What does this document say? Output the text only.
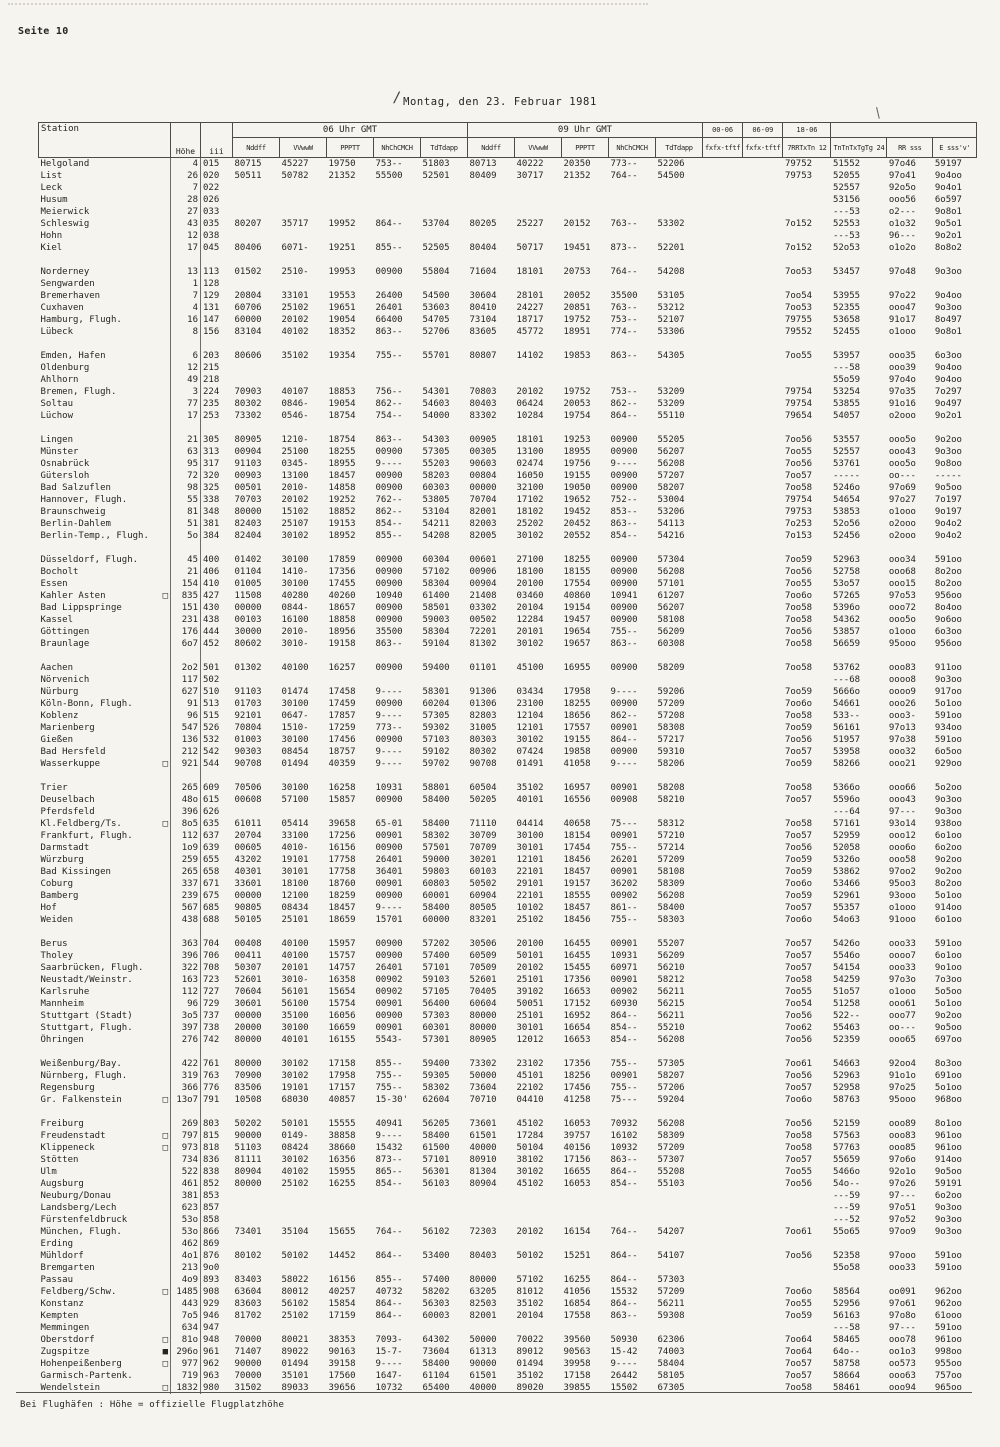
Seite 10
/ Montag, den 23. Februar 1981
\
Station		Höhe	iii	06 Uhr GMT					09 Uhr GMT					00-06	06-09	18-06			
				Nddff	VVwwW	PPPTT	NhChCMCH	TdTdapp	Nddff	VVwwW	PPPTT	NhChCMCH	TdTdapp	fxfx-tftf	fxfx-tftf	7RRTxTn 12	TnTnTxTgTg 24	RR sss	E sss'v'
Helgoland		4	015	80715	45227	19750	753--	51803	80713	40222	20350	773--	52206			79752	51552	97o46	59197
List		26	020	50511	50782	21352	55500	52501	80409	30717	21352	764--	54500			79753	52055	97o41	9o4oo
Leck		7	022														52557	92o5o	9o4o1
Husum		28	026														53156	ooo56	6o597
Meierwick		27	033														---53	o2---	9o8o1
Schleswig		43	035	80207	35717	19952	864--	53704	80205	25227	20152	763--	53302			7o152	52553	o1o32	9o5o1
Hohn		12	038														---53	96---	9o2o1
Kiel		17	045	80406	6071-	19251	855--	52505	80404	50717	19451	873--	52201			7o152	52o53	o1o2o	8o8o2

Norderney		13	113	01502	2510-	19953	00900	55804	71604	18101	20753	764--	54208			7oo53	53457	97o48	9o3oo
Sengwarden		1	128																
Bremerhaven		7	129	20804	33101	19553	26400	54500	30604	28101	20052	35500	53105			7oo54	53955	97o22	9o4oo
Cuxhaven		4	131	60706	25102	19651	26401	53603	80410	24227	20851	763--	53212			7oo53	52355	ooo47	9o3oo
Hamburg, Flugh.		16	147	60000	20102	19054	66400	54705	73104	18717	19752	753--	52107			79755	53658	91o17	8o497
Lübeck		8	156	83104	40102	18352	863--	52706	83605	45772	18951	774--	53306			79552	52455	o1ooo	9o8o1

Emden, Hafen		6	203	80606	35102	19354	755--	55701	80807	14102	19853	863--	54305			7oo55	53957	ooo35	6o3oo
Oldenburg		12	215														---58	ooo39	9o4oo
Ahlhorn		49	218														55o59	97o4o	9o4oo
Bremen, Flugh.		3	224	70903	40107	18853	756--	54301	70803	20102	19752	753--	53209			79754	53254	97o35	7o297
Soltau		77	235	80302	0846-	19054	862--	54603	80403	06424	20053	862--	53209			79754	53855	91o16	9o497
Lüchow		17	253	73302	0546-	18754	754--	54000	83302	10284	19754	864--	55110			79654	54057	o2ooo	9o2o1

Lingen		21	305	80905	1210-	18754	863--	54303	00905	18101	19253	00900	55205			7oo56	53557	ooo5o	9o2oo
Münster		63	313	00904	25100	18255	00900	57305	00305	13100	18955	00900	56207			7oo55	52557	ooo43	9o3oo
Osnabrück		95	317	91103	0345-	18955	9----	55203	90603	02474	19756	9----	56208			7oo56	53761	ooo5o	9o8oo
Gütersloh		72	320	00903	13100	18457	00900	58203	00804	16050	19155	00900	57207			7oo57	-----	oo---	-----
Bad Salzuflen		98	325	00501	2010-	14858	00900	60303	00000	32100	19050	00900	58207			7oo58	5246o	97o69	9o5oo
Hannover, Flugh.		55	338	70703	20102	19252	762--	53805	70704	17102	19652	752--	53004			79754	54654	97o27	7o197
Braunschweig		81	348	80000	15102	18852	862--	53104	82001	18102	19452	853--	53206			79753	53853	o1ooo	9o197
Berlin-Dahlem		51	381	82403	25107	19153	854--	54211	82003	25202	20452	863--	54113			7o253	52o56	o2ooo	9o4o2
Berlin-Temp., Flugh.		5o	384	82404	30102	18952	855--	54208	82005	30102	20552	854--	54216			7o153	52456	o2ooo	9o4o2

Düsseldorf, Flugh.		45	400	01402	30100	17859	00900	60304	00601	27100	18255	00900	57304			7oo59	52963	ooo34	591oo
Bocholt		21	406	01104	1410-	17356	00900	57102	00906	18100	18155	00900	56208			7oo56	52758	ooo68	8o2oo
Essen		154	410	01005	30100	17455	00900	58304	00904	20100	17554	00900	57101			7oo55	53o57	ooo15	8o2oo
Kahler Asten	□	835	427	11508	40280	40260	10940	61400	21408	03460	40860	10941	61207			7oo6o	57265	97o53	956oo
Bad Lippspringe		151	430	00000	0844-	18657	00900	58501	03302	20104	19154	00900	56207			7oo58	5396o	ooo72	8o4oo
Kassel		231	438	00103	16100	18858	00900	59003	00502	12284	19457	00900	58108			7oo58	54362	ooo5o	9o6oo
Göttingen		176	444	30000	2010-	18956	35500	58304	72201	20101	19654	755--	56209			7oo56	53857	o1ooo	6o3oo
Braunlage		6o7	452	80602	3010-	19158	863--	59104	81302	30102	19657	863--	60308			7oo58	56659	95ooo	956oo

Aachen		2o2	501	01302	40100	16257	00900	59400	01101	45100	16955	00900	58209			7oo58	53762	ooo83	911oo
Nörvenich		117	502														---68	oooo8	9o3oo
Nürburg		627	510	91103	01474	17458	9----	58301	91306	03434	17958	9----	59206			7oo59	5666o	oooo9	917oo
Köln-Bonn, Flugh.		91	513	01703	30100	17459	00900	60204	01306	23100	18255	00900	57209			7oo6o	54661	ooo26	5o1oo
Koblenz		96	515	92101	0647-	17857	9----	57305	82803	12104	18656	862--	57208			7oo58	533--	ooo3-	591oo
Marienberg		547	526	70804	1510-	17259	773--	59302	31005	12101	17557	00901	58308			7oo59	56161	97o13	934oo
Gießen		136	532	01003	30100	17456	00900	57103	80303	30102	19155	864--	57217			7oo56	51957	97o38	591oo
Bad Hersfeld		212	542	90303	08454	18757	9----	59102	80302	07424	19858	00900	59310			7oo57	53958	ooo32	6o5oo
Wasserkuppe	□	921	544	90708	01494	40359	9----	59702	90708	01491	41058	9----	58206			7oo59	58266	ooo21	929oo

Trier		265	609	70506	30100	16258	10931	58801	60504	35102	16957	00901	58208			7oo58	5366o	ooo66	5o2oo
Deuselbach		48o	615	00608	57100	15857	00900	58400	50205	40101	16556	00908	58210			7oo57	5596o	ooo43	9o3oo
Pferdsfeld		396	626														---64	97---	9o3oo
Kl.Feldberg/Ts.	□	8o5	635	61011	05414	39658	65-01	58400	71110	04414	40658	75---	58312			7oo58	57161	93o14	938oo
Frankfurt, Flugh.		112	637	20704	33100	17256	00901	58302	30709	30100	18154	00901	57210			7oo57	52959	ooo12	6o1oo
Darmstadt		1o9	639	00605	4010-	16156	00900	57501	70709	30101	17454	755--	57214			7oo56	52058	ooo6o	6o2oo
Würzburg		259	655	43202	19101	17758	26401	59000	30201	12101	18456	26201	57209			7oo59	5326o	ooo58	9o2oo
Bad Kissingen		265	658	40301	30101	17758	36401	59803	60103	22101	18457	00901	58108			7oo59	53862	97oo2	9o2oo
Coburg		337	671	33601	18100	18760	00901	60803	50502	29101	19157	36202	58309			7oo6o	53466	95oo3	8o2oo
Bamberg		239	675	00000	12100	18259	00900	60001	60904	22101	18555	00902	56208			7oo59	52961	93ooo	5o1oo
Hof		567	685	90805	08434	18457	9----	58400	80505	10102	18457	861--	58400			7oo57	55357	o1ooo	914oo
Weiden		438	688	50105	25101	18659	15701	60000	83201	25102	18456	755--	58303			7oo6o	54o63	91ooo	6o1oo

Berus		363	704	00408	40100	15957	00900	57202	30506	20100	16455	00901	55207			7oo57	5426o	ooo33	591oo
Tholey		396	706	00411	40100	15757	00900	57400	60509	50101	16455	10931	56209			7oo57	5546o	oooo7	6o1oo
Saarbrücken, Flugh.		322	708	50307	20101	14757	26401	57101	70509	20102	15455	60971	56210			7oo57	54154	ooo33	9o1oo
Neustadt/Weinstr.		163	723	52601	3010-	16358	00902	59103	52601	25101	17356	00901	58212			7oo58	54259	97o3o	7o3oo
Karlsruhe		112	727	70604	56101	15654	00902	57105	70405	39102	16653	00902	56211			7oo55	51o57	o1ooo	5o5oo
Mannheim		96	729	30601	56100	15754	00901	56400	60604	50051	17152	60930	56215			7oo54	51258	ooo61	5o1oo
Stuttgart (Stadt)		3o5	737	00000	35100	16056	00900	57303	80000	25101	16952	864--	56211			7oo56	522--	ooo77	9o2oo
Stuttgart, Flugh.		397	738	20000	30100	16659	00901	60301	80000	30101	16654	854--	55210			7oo62	55463	oo---	9o5oo
Öhringen		276	742	80000	40101	16155	5543-	57301	80905	12012	16653	854--	56208			7oo56	52359	ooo65	697oo

Weißenburg/Bay.		422	761	80000	30102	17158	855--	59400	73302	23102	17356	755--	57305			7oo61	54663	92oo4	8o3oo
Nürnberg, Flugh.		319	763	70900	30102	17958	755--	59305	50000	45101	18256	00901	58207			7oo56	52963	91o1o	691oo
Regensburg		366	776	83506	19101	17157	755--	58302	73604	22102	17456	755--	57206			7oo57	52958	97o25	5o1oo
Gr. Falkenstein	□	13o7	791	10508	68030	40857	15-30'	62604	70710	04410	41258	75---	59204			7oo6o	58763	95ooo	968oo

Freiburg		269	803	50202	50101	15555	40941	56205	73601	45102	16053	70932	56208			7oo56	52159	ooo89	8o1oo
Freudenstadt	□	797	815	90000	0149-	38858	9----	58400	61501	17284	39757	16102	58309			7oo58	57563	ooo83	961oo
Klippeneck	□	973	818	51103	08424	38660	15432	61500	40000	50104	40156	10932	57209			7oo58	57763	ooo85	961oo
Stötten		734	836	81111	30102	16356	873--	57101	80910	38102	17156	863--	57307			7oo57	55659	97o6o	914oo
Ulm		522	838	80904	40102	15955	865--	56301	81304	30102	16655	864--	55208			7oo55	5466o	92o1o	9o5oo
Augsburg		461	852	80000	25102	16255	854--	56103	80904	45102	16053	854--	55103			7oo56	54o--	97o26	59191
Neuburg/Donau		381	853														---59	97---	6o2oo
Landsberg/Lech		623	857														---59	97o51	9o3oo
Fürstenfeldbruck		53o	858														---52	97o52	9o3oo
München, Flugh.		53o	866	73401	35104	15655	764--	56102	72303	20102	16154	764--	54207			7oo61	55o65	97oo9	9o3oo
Erding		462	869																
Mühldorf		4o1	876	80102	50102	14452	864--	53400	80403	50102	15251	864--	54107			7oo56	52358	97ooo	591oo
Bremgarten		213	9o0														55o58	ooo33	591oo
Passau		4o9	893	83403	58022	16156	855--	57400	80000	57102	16255	864--	57303						
Feldberg/Schw.	□	1485	908	63604	80012	40257	40732	58202	63205	81012	41056	15532	57209			7oo6o	58564	oo091	962oo
Konstanz		443	929	83603	56102	15854	864--	56303	82503	35102	16854	864--	56211			7oo55	52956	97o61	962oo
Kempten		7o5	946	81702	25102	17159	864--	60003	82001	20104	17558	863--	59308			7oo59	56163	97o8o	61ooo
Memmingen		634	947														---58	97---	591oo
Oberstdorf	□	81o	948	70000	80021	38353	7093-	64302	50000	70022	39560	50930	62306			7oo64	58465	ooo78	961oo
Zugspitze	■	296o	961	71407	89022	90163	15-7-	73604	61313	89012	90563	15-42	74003			7oo64	64o--	oo1o3	998oo
Hohenpeißenberg	□	977	962	90000	01494	39158	9----	58400	90000	01494	39958	9----	58404			7oo57	58758	oo573	955oo
Garmisch-Partenk.		719	963	70000	35101	17560	1647-	61104	61501	35102	17158	26442	58105			7oo57	58664	ooo63	757oo
Wendelstein	□	1832	980	31502	89033	39656	10732	65400	40000	89020	39855	15502	67305			7oo58	58461	ooo94	965oo
Bei Flughäfen : Höhe = offizielle Flugplatzhöhe
